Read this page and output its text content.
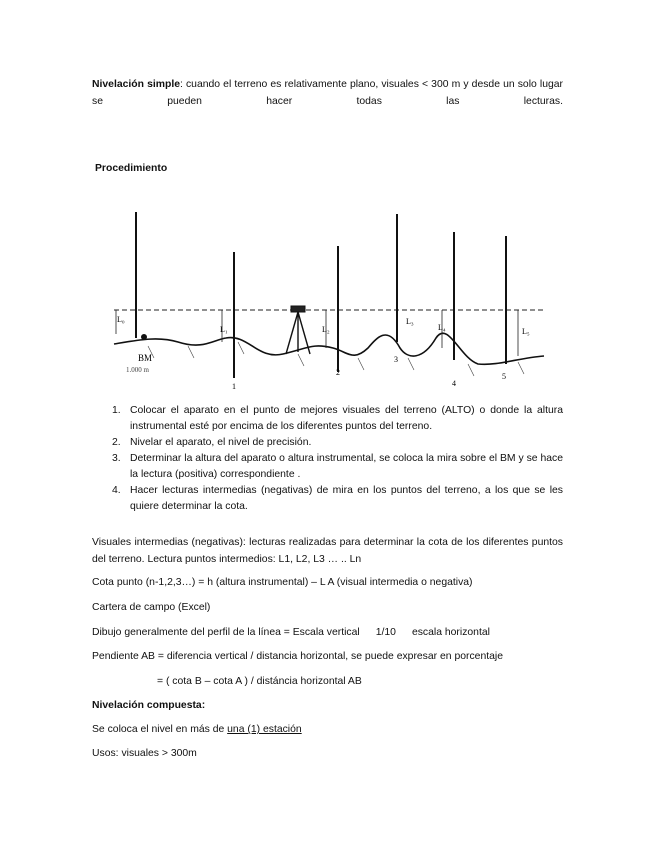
Nivelación simple: cuando el terreno es relativamente plano, visuales < 300 m y desde un solo lugar se pueden hacer todas las lecturas.

Procedimiento

BM
1.000 m
L₀
L₁	L₂
L₃
L₄	L₅
1
2
3
4
5
1. Colocar el aparato en el punto de mejores visuales del terreno (ALTO) o donde la altura instrumental esté por encima de los diferentes puntos del terreno.
2. Nivelar el aparato, el nivel de precisión.
3. Determinar la altura del aparato o altura instrumental, se coloca la mira sobre el BM y se hace la lectura (positiva) correspondiente .
4. Hacer lecturas intermedias (negativas) de mira en los puntos del terreno, a los que se les quiere determinar la cota.

Visuales intermedias (negativas): lecturas realizadas para determinar la cota de los diferentes puntos del terreno. Lectura puntos intermedios: L1, L2, L3 … .. Ln

Cota punto (n-1,2,3…) = h (altura instrumental) – L A (visual intermedia o negativa)

Cartera de campo (Excel)

Dibujo generalmente del perfil de la línea = Escala vertical 1/10 escala horizontal

Pendiente AB = diferencia vertical / distancia horizontal, se puede expresar en porcentaje

= ( cota B – cota A ) / distáncia horizontal AB

Nivelación compuesta:

Se coloca el nivel en más de una (1) estación

Usos: visuales > 300m
